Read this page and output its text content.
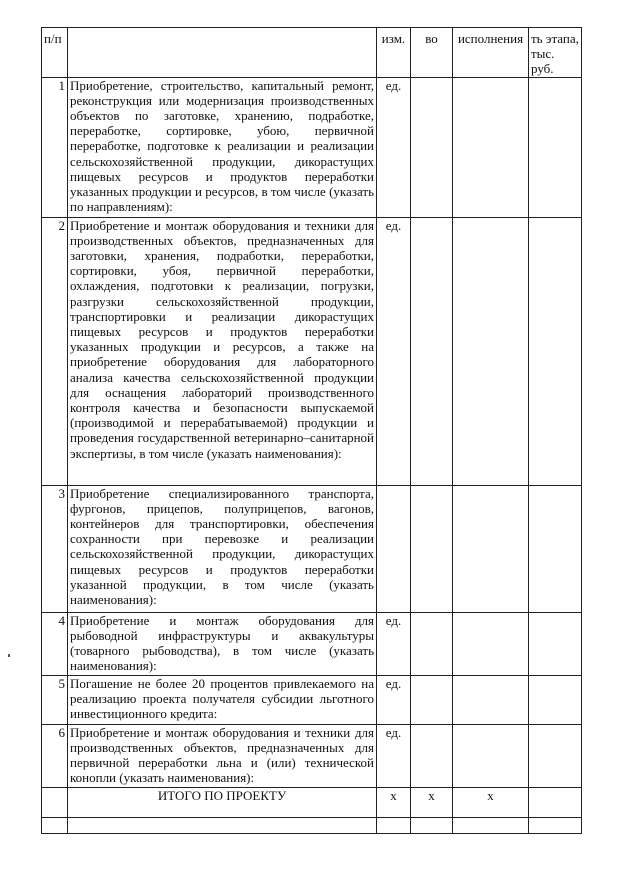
п/п		изм.	во	исполнения	ть этапа, тыс. руб.
1	Приобретение, строительство, капитальный ремонт, реконструкция или модернизация производственных объектов по заготовке, хранению, подработке, переработке, сортировке, убою, первичной переработке, подготовке к реализации и реализации сельскохозяйственной продукции, дикорастущих пищевых ресурсов и продуктов переработки указанных продукции и ресурсов, в том числе (указать по направлениям):	ед.			
2	Приобретение и монтаж оборудования и техники для производственных объектов, предназначенных для заготовки, хранения, подработки, переработки, сортировки, убоя, первичной переработки, охлаждения, подготовки к реализации, погрузки, разгрузки сельскохозяйственной продукции, транспортировки и реализации дикорастущих пищевых ресурсов и продуктов переработки указанных продукции и ресурсов, а также на приобретение оборудования для лабораторного анализа качества сельскохозяйственной продукции для оснащения лабораторий производственного контроля качества и безопасности выпускаемой (производимой и перерабатываемой) продукции и проведения государственной ветеринарно–санитарной экспертизы, в том числе (указать наименования):	ед.			
3	Приобретение специализированного транспорта, фургонов, прицепов, полуприцепов, вагонов, контейнеров для транспортировки, обеспечения сохранности при перевозке и реализации сельскохозяйственной продукции, дикорастущих пищевых ресурсов и продуктов переработки указанной продукции, в том числе (указать наименования):				
4	Приобретение и монтаж оборудования для рыбоводной инфраструктуры и аквакультуры (товарного рыбоводства), в том числе (указать наименования):	ед.			
5	Погашение не более 20 процентов привлекаемого на реализацию проекта получателя субсидии льготного инвестиционного кредита:	ед.			
6	Приобретение и монтаж оборудования и техники для производственных объектов, предназначенных для первичной переработки льна и (или) технической конопли (указать наименования):	ед.			
	ИТОГО ПО ПРОЕКТУ	x	x	x	
